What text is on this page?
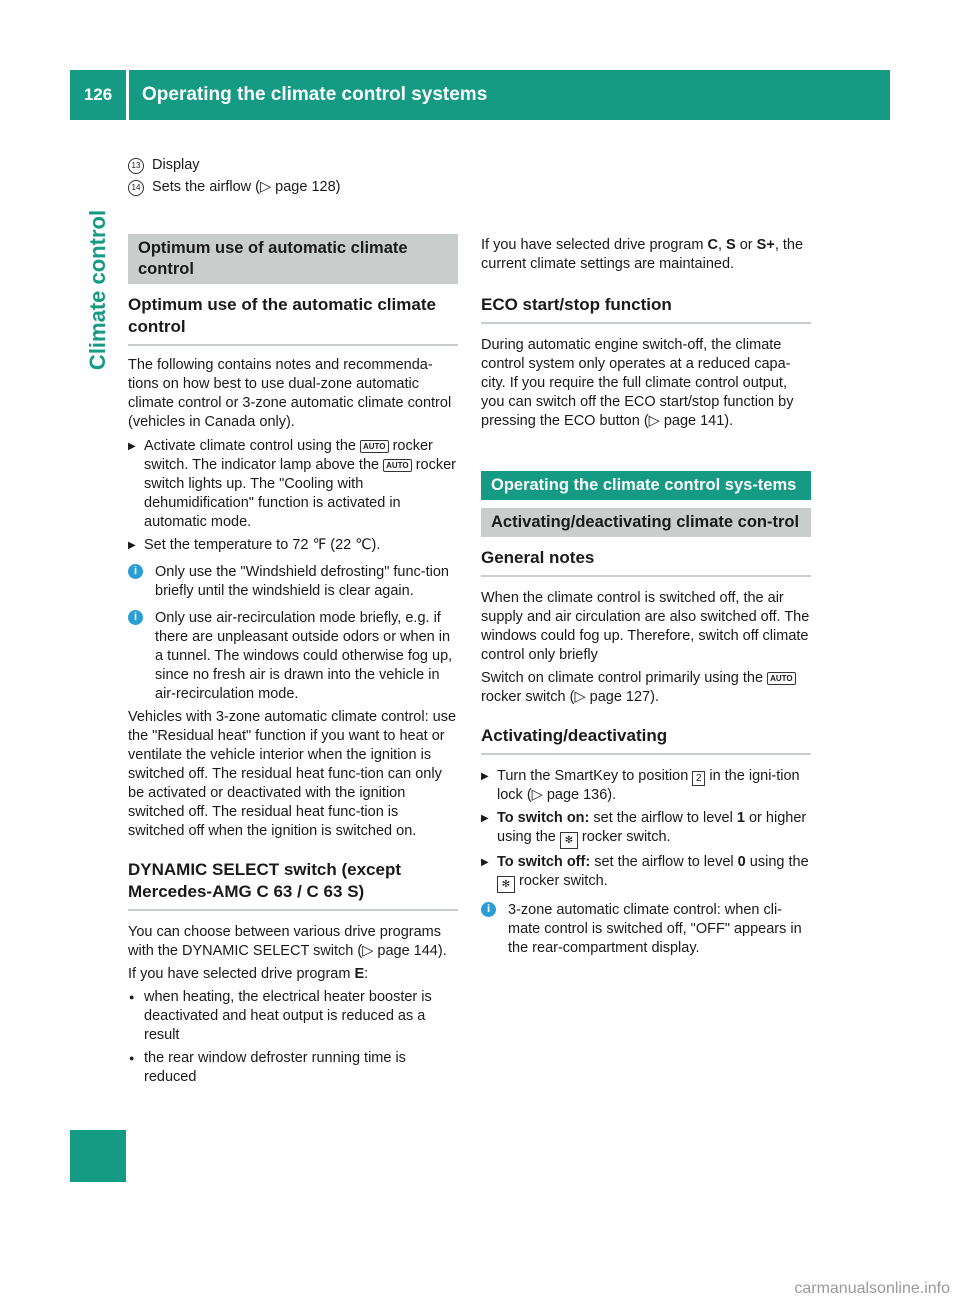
126	Operating the climate control systems
Climate control
13 Display
14 Sets the airflow (▷ page 128)
Optimum use of automatic climate control
Optimum use of the automatic climate control

The following contains notes and recommenda-tions on how best to use dual-zone automatic climate control or 3-zone automatic climate control (vehicles in Canada only).

▶ Activate climate control using the AUTO rocker switch. The indicator lamp above the AUTO rocker switch lights up. The "Cooling with dehumidification" function is activated in automatic mode.

▶ Set the temperature to 72 ℉ (22 ℃).

i	Only use the "Windshield defrosting" func-tion briefly until the windshield is clear again.

i	Only use air-recirculation mode briefly, e.g. if there are unpleasant outside odors or when in a tunnel. The windows could otherwise fog up, since no fresh air is drawn into the vehicle in air-recirculation mode.

Vehicles with 3-zone automatic climate control: use the "Residual heat" function if you want to heat or ventilate the vehicle interior when the ignition is switched off. The residual heat func-tion can only be activated or deactivated with the ignition switched off. The residual heat func-tion is switched off when the ignition is switched on.

DYNAMIC SELECT switch (except Mercedes-AMG C 63 / C 63 S)

You can choose between various drive programs with the DYNAMIC SELECT switch (▷ page 144).

If you have selected drive program E:

● when heating, the electrical heater booster is deactivated and heat output is reduced as a result

● the rear window defroster running time is reduced

If you have selected drive program C, S or S+, the current climate settings are maintained.

ECO start/stop function

During automatic engine switch-off, the climate control system only operates at a reduced capa-city. If you require the full climate control output, you can switch off the ECO start/stop function by pressing the ECO button (▷ page 141).

Operating the climate control sys-tems
Activating/deactivating climate con-trol
General notes

When the climate control is switched off, the air supply and air circulation are also switched off. The windows could fog up. Therefore, switch off climate control only briefly

Switch on climate control primarily using the AUTO rocker switch (▷ page 127).

Activating/deactivating

▶ Turn the SmartKey to position 2 in the igni-tion lock (▷ page 136).

▶ To switch on: set the airflow to level 1 or higher using the ✻ rocker switch.

▶ To switch off: set the airflow to level 0 using the ✻ rocker switch.

i	3-zone automatic climate control: when cli-mate control is switched off, "OFF" appears in the rear-compartment display.

carmanualsonline.info
